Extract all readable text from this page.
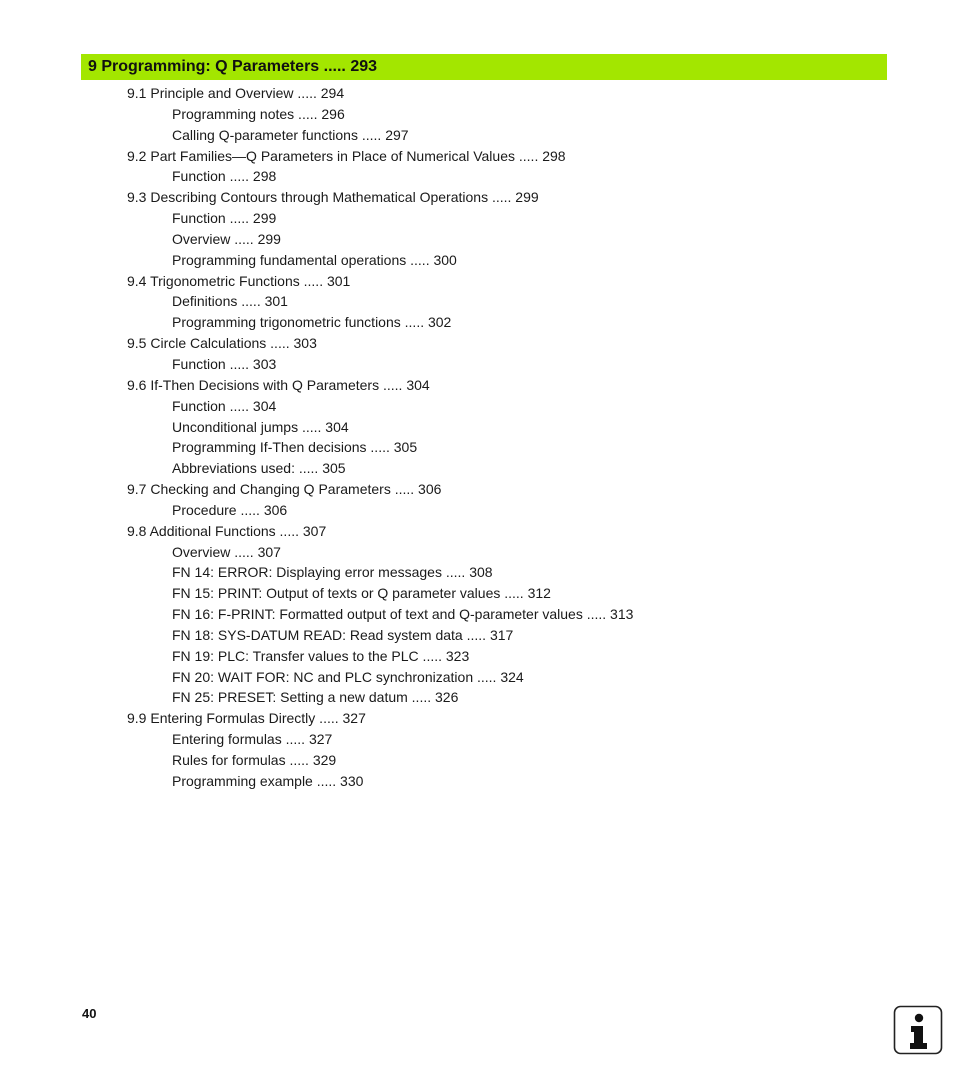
9 Programming: Q Parameters ..... 293
9.1 Principle and Overview ..... 294
Programming notes ..... 296
Calling Q-parameter functions ..... 297
9.2 Part Families—Q Parameters in Place of Numerical Values ..... 298
Function ..... 298
9.3 Describing Contours through Mathematical Operations ..... 299
Function ..... 299
Overview ..... 299
Programming fundamental operations ..... 300
9.4 Trigonometric Functions ..... 301
Definitions ..... 301
Programming trigonometric functions ..... 302
9.5 Circle Calculations ..... 303
Function ..... 303
9.6 If-Then Decisions with Q Parameters ..... 304
Function ..... 304
Unconditional jumps ..... 304
Programming If-Then decisions ..... 305
Abbreviations used: ..... 305
9.7 Checking and Changing Q Parameters ..... 306
Procedure ..... 306
9.8 Additional Functions ..... 307
Overview ..... 307
FN 14: ERROR: Displaying error messages ..... 308
FN 15: PRINT: Output of texts or Q parameter values ..... 312
FN 16: F-PRINT: Formatted output of text and Q-parameter values ..... 313
FN 18: SYS-DATUM READ: Read system data ..... 317
FN 19: PLC: Transfer values to the PLC ..... 323
FN 20: WAIT FOR: NC and PLC synchronization ..... 324
FN 25: PRESET: Setting a new datum ..... 326
9.9 Entering Formulas Directly ..... 327
Entering formulas ..... 327
Rules for formulas ..... 329
Programming example ..... 330
40
